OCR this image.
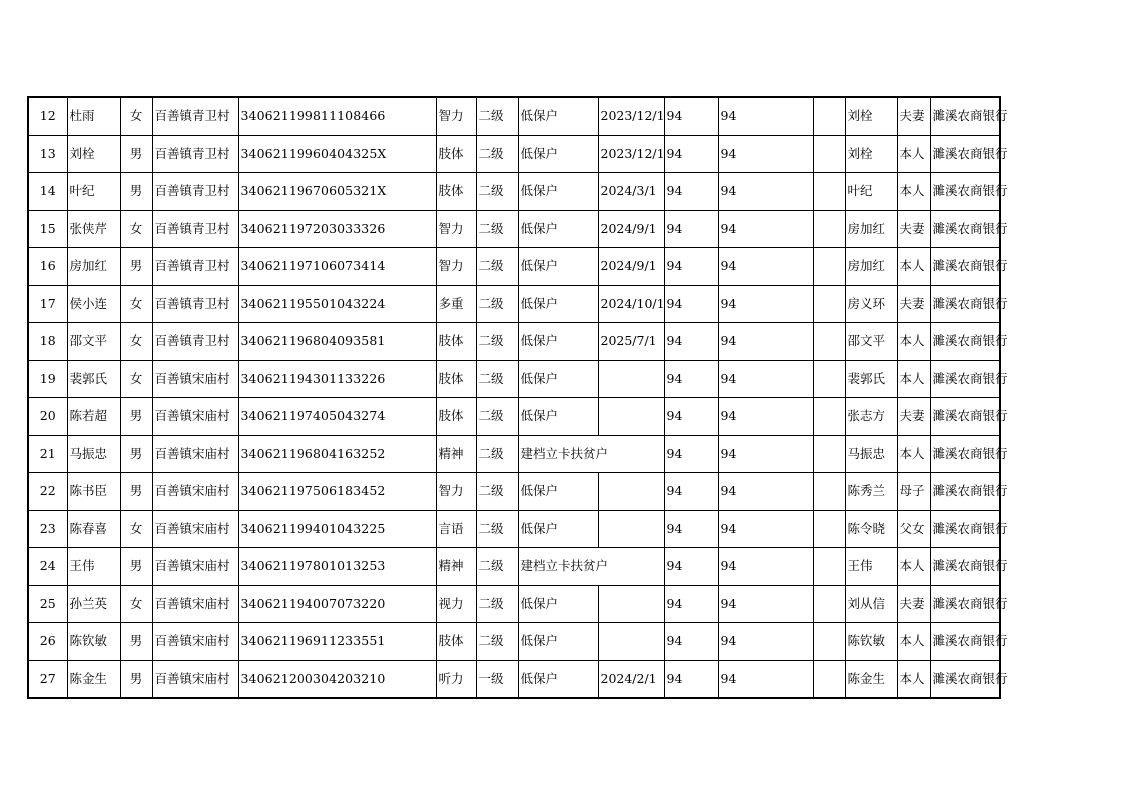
12	杜雨	女	百善镇青卫村	340621199811108466	智力	二级	低保户	2023/12/1	94	94		刘栓	夫妻	濉溪农商银行
13	刘栓	男	百善镇青卫村	34062119960404325X	肢体	二级	低保户	2023/12/1	94	94		刘栓	本人	濉溪农商银行
14	叶纪	男	百善镇青卫村	34062119670605321X	肢体	二级	低保户	2024/3/1	94	94		叶纪	本人	濉溪农商银行
15	张侠芹	女	百善镇青卫村	340621197203033326	智力	二级	低保户	2024/9/1	94	94		房加红	夫妻	濉溪农商银行
16	房加红	男	百善镇青卫村	340621197106073414	智力	二级	低保户	2024/9/1	94	94		房加红	本人	濉溪农商银行
17	侯小连	女	百善镇青卫村	340621195501043224	多重	二级	低保户	2024/10/1	94	94		房义环	夫妻	濉溪农商银行
18	邵文平	女	百善镇青卫村	340621196804093581	肢体	二级	低保户	2025/7/1	94	94		邵文平	本人	濉溪农商银行
19	裴郭氏	女	百善镇宋庙村	340621194301133226	肢体	二级	低保户		94	94		裴郭氏	本人	濉溪农商银行
20	陈若超	男	百善镇宋庙村	340621197405043274	肢体	二级	低保户		94	94		张志方	夫妻	濉溪农商银行
21	马振忠	男	百善镇宋庙村	340621196804163252	精神	二级	建档立卡扶贫户		94	94		马振忠	本人	濉溪农商银行
22	陈书臣	男	百善镇宋庙村	340621197506183452	智力	二级	低保户		94	94		陈秀兰	母子	濉溪农商银行
23	陈春喜	女	百善镇宋庙村	340621199401043225	言语	二级	低保户		94	94		陈令晓	父女	濉溪农商银行
24	王伟	男	百善镇宋庙村	340621197801013253	精神	二级	建档立卡扶贫户		94	94		王伟	本人	濉溪农商银行
25	孙兰英	女	百善镇宋庙村	340621194007073220	视力	二级	低保户		94	94		刘从信	夫妻	濉溪农商银行
26	陈钦敏	男	百善镇宋庙村	340621196911233551	肢体	二级	低保户		94	94		陈钦敏	本人	濉溪农商银行
27	陈金生	男	百善镇宋庙村	340621200304203210	听力	一级	低保户	2024/2/1	94	94		陈金生	本人	濉溪农商银行
